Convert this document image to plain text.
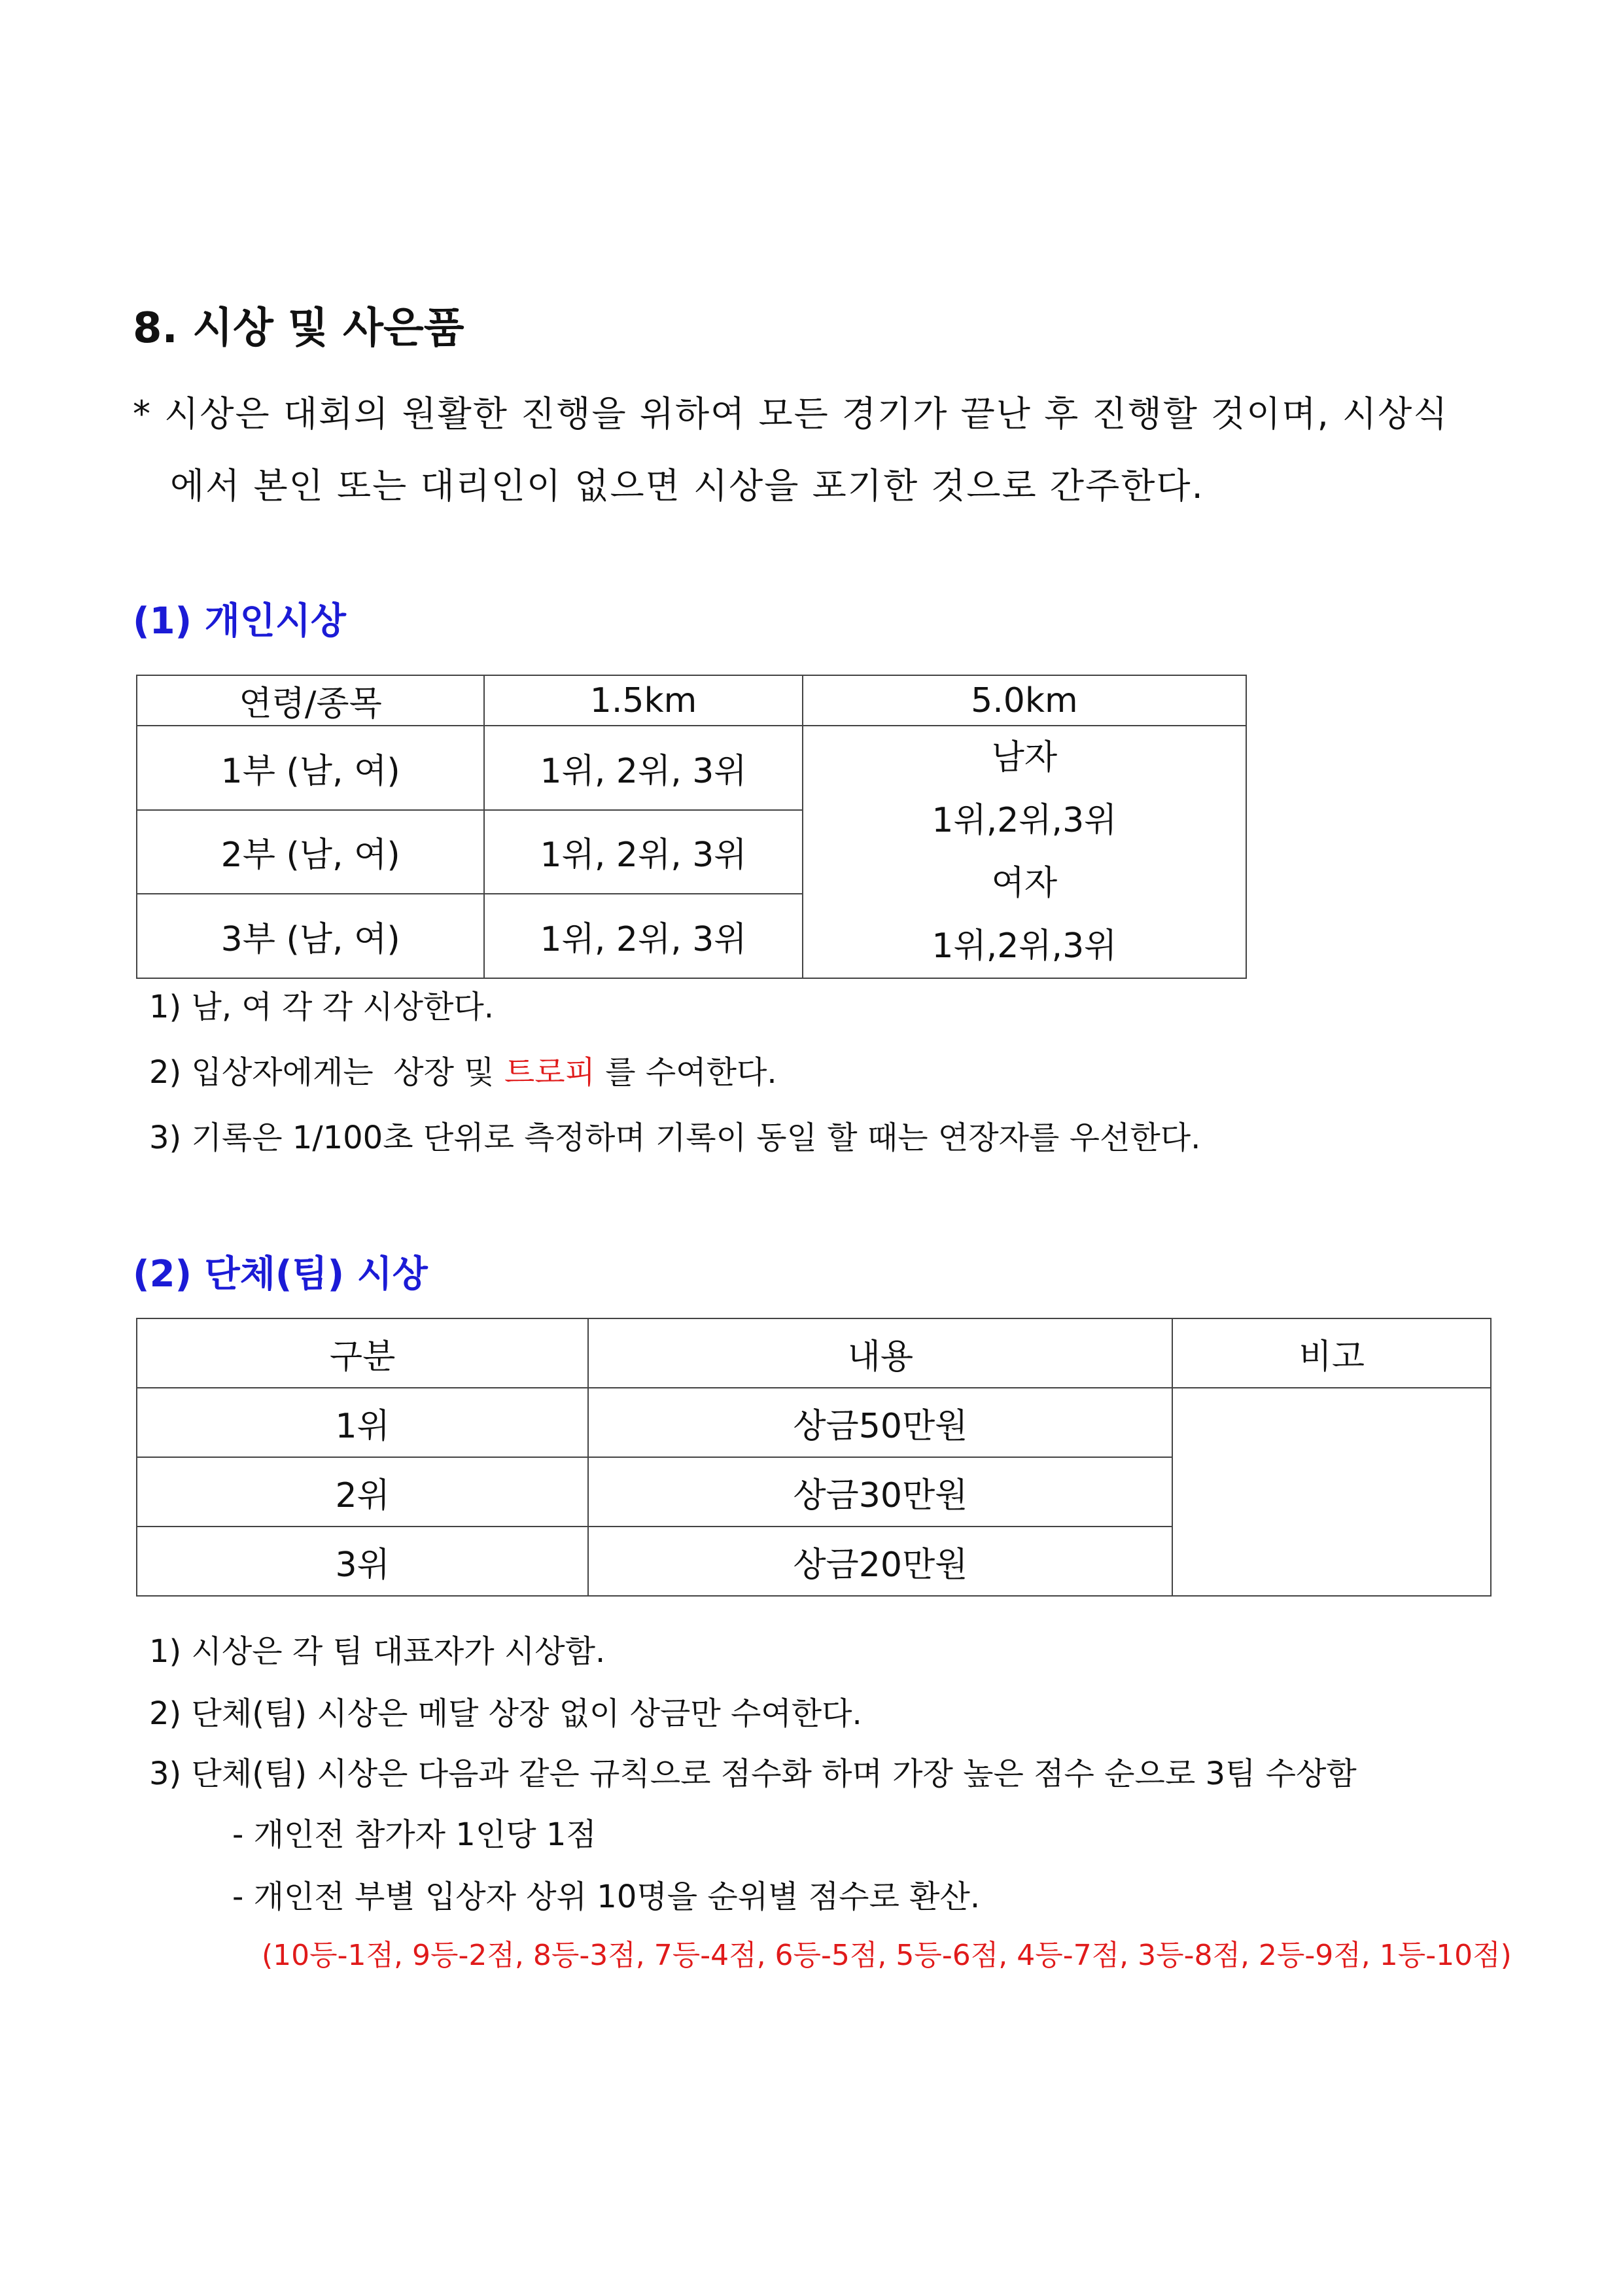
8. 시상 및 사은품
* 시상은 대회의 원활한 진행을 위하여 모든 경기가 끝난 후 진행할 것이며, 시상식
에서 본인 또는 대리인이 없으면 시상을 포기한 것으로 간주한다.
(1) 개인시상
연령/종목	1.5km	5.0km
1부 (남, 여)	1위, 2위, 3위	남자
1위,2위,3위
여자
1위,2위,3위

2부 (남, 여)	1위, 2위, 3위	
3부 (남, 여)	1위, 2위, 3위	
1) 남, 여 각 각 시상한다.
2) 입상자에게는  상장 및 트로피 를 수여한다.
3) 기록은 1/100초 단위로 측정하며 기록이 동일 할 때는 연장자를 우선한다.
(2) 단체(팀) 시상
구분	내용	비고
1위	상금50만원	
2위	상금30만원	
3위	상금20만원	
1) 시상은 각 팀 대표자가 시상함.
2) 단체(팀) 시상은 메달 상장 없이 상금만 수여한다.
3) 단체(팀) 시상은 다음과 같은 규칙으로 점수화 하며 가장 높은 점수 순으로 3팀 수상함
- 개인전 참가자 1인당 1점
- 개인전 부별 입상자 상위 10명을 순위별 점수로 환산.
(10등-1점, 9등-2점, 8등-3점, 7등-4점, 6등-5점, 5등-6점, 4등-7점, 3등-8점, 2등-9점, 1등-10점)
